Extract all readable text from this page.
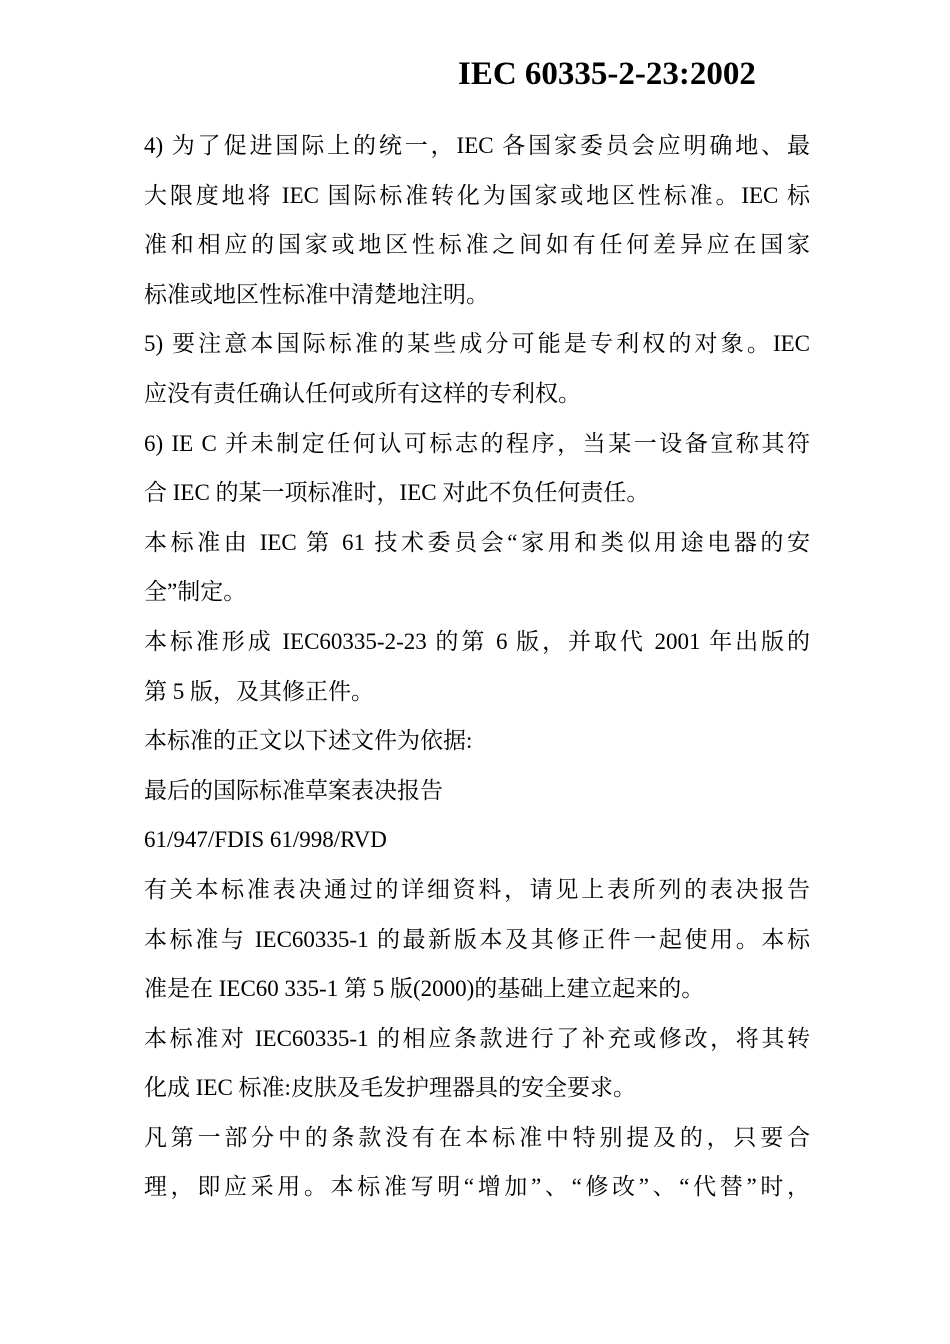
IEC 60335-2-23:2002
4) 为了促进国际上的统一，IEC 各国家委员会应明确地、最
大限度地将 IEC 国际标准转化为国家或地区性标准。IEC 标
准和相应的国家或地区性标准之间如有任何差异应在国家
标准或地区性标准中清楚地注明。
5) 要注意本国际标准的某些成分可能是专利权的对象。IEC
应没有责任确认任何或所有这样的专利权。
6) IE C 并未制定任何认可标志的程序，当某一设备宣称其符
合 IEC 的某一项标准时，IEC 对此不负任何责任。
本标准由 IEC 第 61 技术委员会“家用和类似用途电器的安
全”制定。
本标准形成 IEC60335-2-23 的第 6 版，并取代 2001 年出版的
第 5 版，及其修正件。
本标准的正文以下述文件为依据:
最后的国际标准草案表决报告
61/947/FDIS 61/998/RVD
有关本标准表决通过的详细资料，请见上表所列的表决报告
本标准与 IEC60335-1 的最新版本及其修正件一起使用。本标
准是在 IEC60 335-1 第 5 版(2000)的基础上建立起来的。
本标准对 IEC60335-1 的相应条款进行了补充或修改，将其转
化成 IEC 标准:皮肤及毛发护理器具的安全要求。
凡第一部分中的条款没有在本标准中特别提及的，只要合
理，即应采用。本标准写明“增加”、“修改”、“代替”时，
